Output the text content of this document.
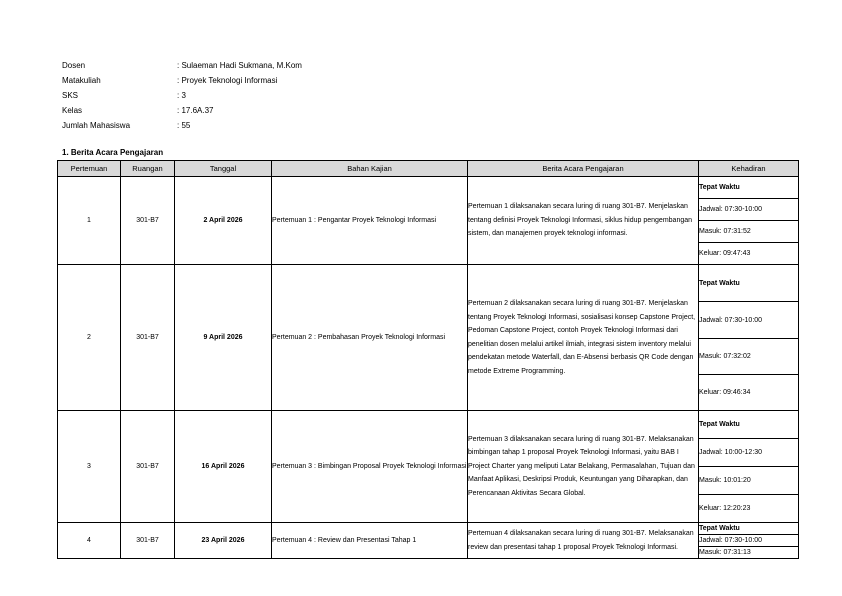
Dosen	: Sulaeman Hadi Sukmana, M.Kom
Matakuliah	: Proyek Teknologi Informasi
SKS	: 3
Kelas	: 17.6A.37
Jumlah Mahasiswa	: 55
1. Berita Acara Pengajaran
Pertemuan	Ruangan	Tanggal	Bahan Kajian	Berita Acara Pengajaran	Kehadiran
1	301-B7	2 April 2026	Pertemuan 1 : Pengantar Proyek Teknologi Informasi	Pertemuan 1 dilaksanakan secara luring di ruang 301-B7. Menjelaskan tentang definisi Proyek Teknologi Informasi, siklus hidup pengembangan sistem, dan manajemen proyek teknologi informasi.	Tepat Waktu
					Jadwal: 07:30-10:00
					Masuk: 07:31:52
					Keluar: 09:47:43
2	301-B7	9 April 2026	Pertemuan 2 : Pembahasan Proyek Teknologi Informasi	Pertemuan 2 dilaksanakan secara luring di ruang 301-B7. Menjelaskan tentang Proyek Teknologi Informasi, sosialisasi konsep Capstone Project, Pedoman Capstone Project, contoh Proyek Teknologi Informasi dari penelitian dosen melalui artikel ilmiah, integrasi sistem inventory melalui pendekatan metode Waterfall, dan E-Absensi berbasis QR Code dengan metode Extreme Programming.	Tepat Waktu
					Jadwal: 07:30-10:00
					Masuk: 07:32:02
					Keluar: 09:46:34
3	301-B7	16 April 2026	Pertemuan 3 : Bimbingan Proposal Proyek Teknologi Informasi	Pertemuan 3 dilaksanakan secara luring di ruang 301-B7. Melaksanakan bimbingan tahap 1 proposal Proyek Teknologi Informasi, yaitu BAB I Project Charter yang meliputi Latar Belakang, Permasalahan, Tujuan dan Manfaat Aplikasi, Deskripsi Produk, Keuntungan yang Diharapkan, dan Perencanaan Aktivitas Secara Global.	Tepat Waktu
					Jadwal: 10:00-12:30
					Masuk: 10:01:20
					Keluar: 12:20:23
4	301-B7	23 April 2026	Pertemuan 4 : Review dan Presentasi Tahap 1	Pertemuan 4 dilaksanakan secara luring di ruang 301-B7. Melaksanakan review dan presentasi tahap 1 proposal Proyek Teknologi Informasi.	Tepat Waktu
					Jadwal: 07:30-10:00
					Masuk: 07:31:13
